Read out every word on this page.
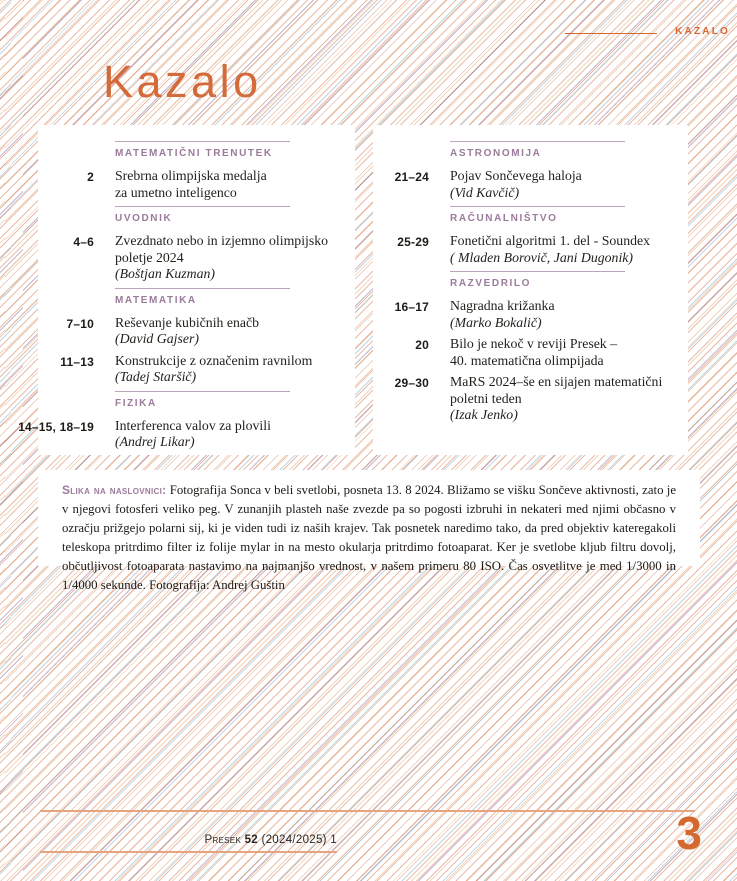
KAZALO
Kazalo
MATEMATIČNI TRENUTEK
2 Srebrna olimpijska medalja
za umetno inteligenco
UVODNIK
4–6 Zvezdnato nebo in izjemno olimpijsko
poletje 2024
(Boštjan Kuzman)
MATEMATIKA
7–10 Reševanje kubičnih enačb
(David Gajser)
11–13 Konstrukcije z označenim ravnilom
(Tadej Staršič)
FIZIKA
14–15, 18–19 Interferenca valov za plovili
(Andrej Likar)
ASTRONOMIJA
21–24 Pojav Sončevega haloja
(Vid Kavčič)
RAČUNALNIŠTVO
25-29 Fonetični algoritmi 1. del - Soundex
( Mladen Borovič, Jani Dugonik)
RAZVEDRILO
16–17 Nagradna križanka
(Marko Bokalič)
20 Bilo je nekoč v reviji Presek –
40. matematična olimpijada
29–30 MaRS 2024–še en sijajen matematični
poletni teden
(Izak Jenko)

Slika na naslovnici: Fotografija Sonca v beli svetlobi, posneta 13. 8 2024. Bližamo se višku Sončeve aktivnosti, zato je v njegovi fotosferi veliko peg. V zunanjih plasteh naše zvezde pa so pogosti izbruhi in nekateri med njimi občasno v ozračju prižgejo polarni sij, ki je viden tudi iz naših krajev. Tak posnetek naredimo tako, da pred objektiv kateregakoli teleskopa pritrdimo filter iz folije mylar in na mesto okularja pritrdimo fotoaparat. Ker je svetlobe kljub filtru dovolj, občutljivost fotoaparata nastavimo na najmanjšo vrednost, v našem primeru 80 ISO. Čas osvetlitve je med 1/3000 in 1/4000 sekunde. Fotografija: Andrej Guštin

Presek 52 (2024/2025) 1	3
